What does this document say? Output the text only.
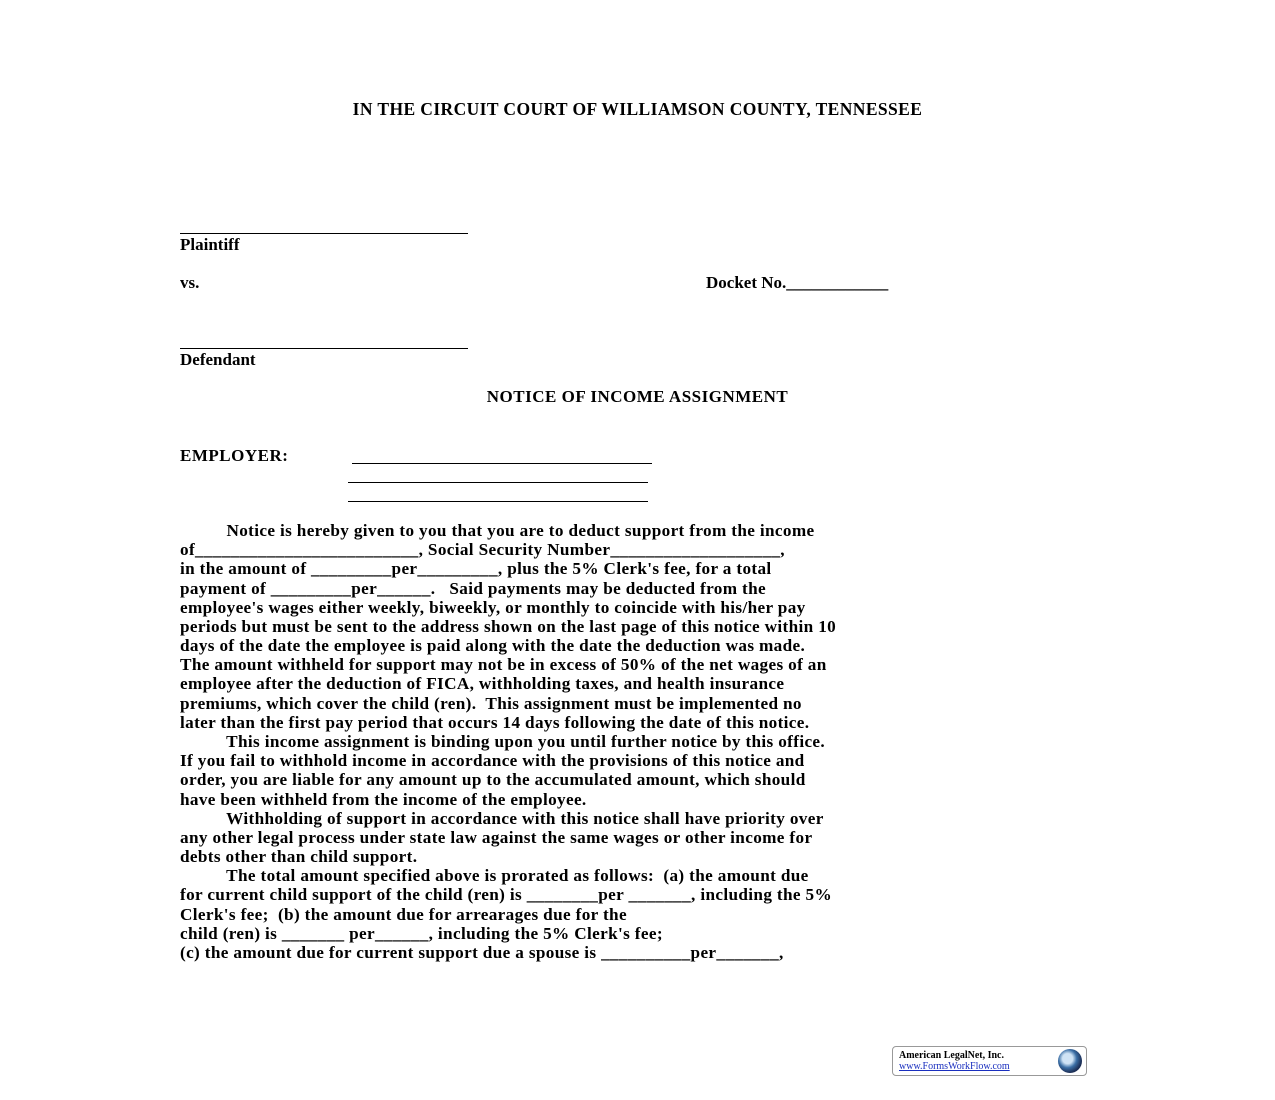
IN THE CIRCUIT COURT OF WILLIAMSON COUNTY, TENNESSEE
Plaintiff
vs.	Docket No.____________
Defendant
NOTICE OF INCOME ASSIGNMENT
EMPLOYER:
Notice is hereby given to you that you are to deduct support from the income
of_________________________, Social Security Number___________________,
in the amount of _________per_________, plus the 5% Clerk's fee, for a total
payment of _________per______.   Said payments may be deducted from the
employee's wages either weekly, biweekly, or monthly to coincide with his/her pay
periods but must be sent to the address shown on the last page of this notice within 10
days of the date the employee is paid along with the date the deduction was made.
The amount withheld for support may not be in excess of 50% of the net wages of an
employee after the deduction of FICA, withholding taxes, and health insurance
premiums, which cover the child (ren).  This assignment must be implemented no
later than the first pay period that occurs 14 days following the date of this notice.
This income assignment is binding upon you until further notice by this office.
If you fail to withhold income in accordance with the provisions of this notice and
order, you are liable for any amount up to the accumulated amount, which should
have been withheld from the income of the employee.
Withholding of support in accordance with this notice shall have priority over
any other legal process under state law against the same wages or other income for
debts other than child support.
The total amount specified above is prorated as follows:  (a) the amount due
for current child support of the child (ren) is ________per _______, including the 5%
Clerk's fee;  (b) the amount due for arrearages due for the
child (ren) is _______ per______, including the 5% Clerk's fee;
(c) the amount due for current support due a spouse is __________per_______,
American LegalNet, Inc.
www.FormsWorkFlow.com
